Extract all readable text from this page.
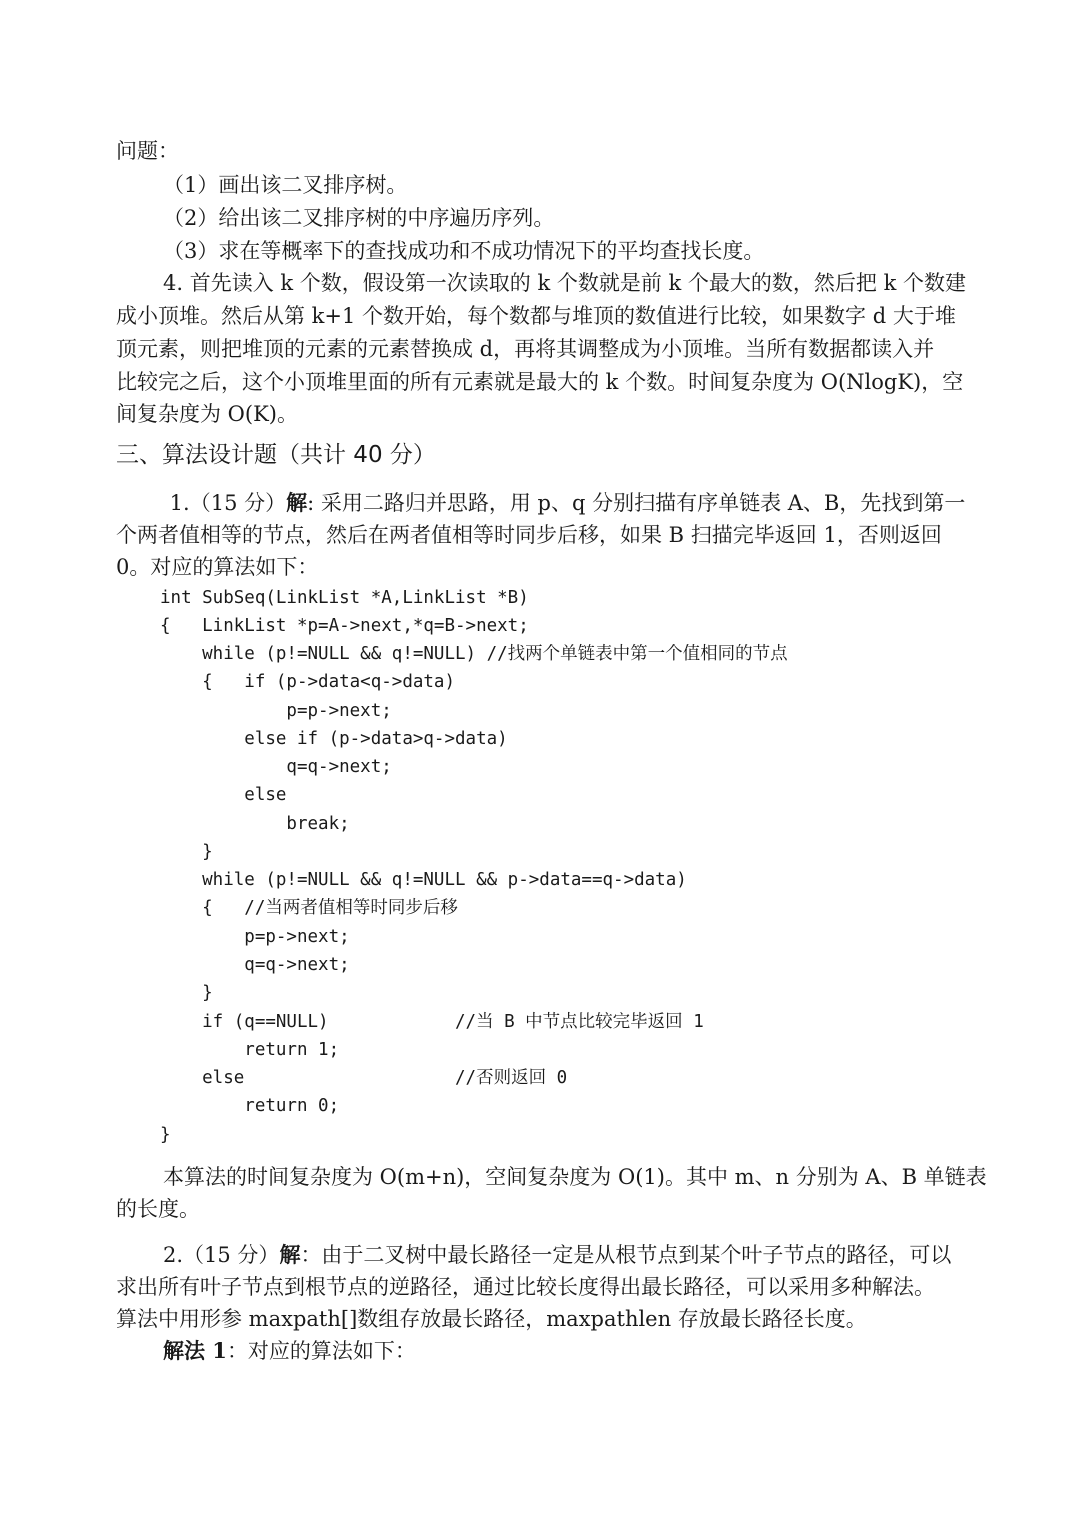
问题：
（1）画出该二叉排序树。
（2）给出该二叉排序树的中序遍历序列。
（3）求在等概率下的查找成功和不成功情况下的平均查找长度。
4. 首先读入 k 个数，假设第一次读取的 k 个数就是前 k 个最大的数，然后把 k 个数建
成小顶堆。然后从第 k+1 个数开始，每个数都与堆顶的数值进行比较，如果数字 d 大于堆
顶元素，则把堆顶的元素的元素替换成 d，再将其调整成为小顶堆。当所有数据都读入并
比较完之后，这个小顶堆里面的所有元素就是最大的 k 个数。时间复杂度为 O(NlogK)，空
间复杂度为 O(K)。
三、算法设计题（共计 40 分）
1.（15 分）解: 采用二路归并思路，用 p、q 分别扫描有序单链表 A、B，先找到第一
个两者值相等的节点，然后在两者值相等时同步后移，如果 B 扫描完毕返回 1，否则返回
0。对应的算法如下：
int SubSeq(LinkList *A,LinkList *B)
{   LinkList *p=A->next,*q=B->next;
while (p!=NULL && q!=NULL) //找两个单链表中第一个值相同的节点
{   if (p->data<q->data)
p=p->next;
else if (p->data>q->data)
q=q->next;
else
break;
}
while (p!=NULL && q!=NULL && p->data==q->data)
{   //当两者值相等时同步后移
p=p->next;
q=q->next;
}
if (q==NULL)            //当 B 中节点比较完毕返回 1
return 1;
else                    //否则返回 0
return 0;
}
本算法的时间复杂度为 O(m+n)，空间复杂度为 O(1)。其中 m、n 分别为 A、B 单链表
的长度。
2.（15 分）解：由于二叉树中最长路径一定是从根节点到某个叶子节点的路径，可以
求出所有叶子节点到根节点的逆路径，通过比较长度得出最长路径，可以采用多种解法。
算法中用形参 maxpath[]数组存放最长路径，maxpathlen 存放最长路径长度。
解法 1：对应的算法如下：
